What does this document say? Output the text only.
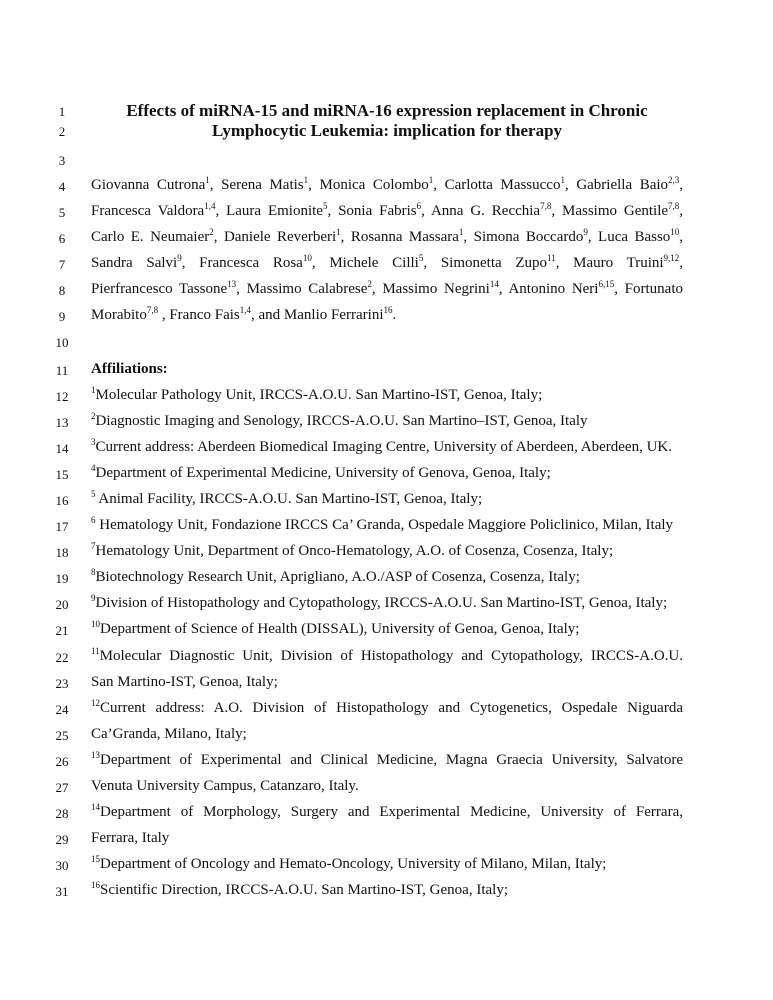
1
2
3
4
5
6
7
8
9
10
11
12
13
14
15
16
17
18
19
20
21
22
23
24
25
26
27
28
29
30
31
Effects of miRNA-15 and miRNA-16 expression replacement in Chronic
Lymphocytic Leukemia: implication for therapy
Giovanna Cutrona$^1$, Serena Matis$^1$, Monica Colombo$^1$, Carlotta Massucco$^1$, Gabriella Baio$^{2,3}$,
Francesca Valdora$^{1,4}$, Laura Emionite$^5$, Sonia Fabris$^6$, Anna G. Recchia$^{7,8}$, Massimo Gentile$^{7,8}$,
Carlo E. Neumaier$^2$, Daniele Reverberi$^1$, Rosanna Massara$^1$, Simona Boccardo$^9$, Luca Basso$^{10}$,
Sandra Salvi$^9$, Francesca Rosa$^{10}$, Michele Cilli$^5$, Simonetta Zupo$^{11}$, Mauro Truini$^{9,12}$,
Pierfrancesco Tassone$^{13}$, Massimo Calabrese$^2$, Massimo Negrini$^{14}$, Antonino Neri$^{6,15}$, Fortunato
Morabito$^{7,8}$ , Franco Fais$^{1,4}$, and Manlio Ferrarini$^{16}$.
Affiliations:
$^1$Molecular Pathology Unit, IRCCS-A.O.U. San Martino-IST, Genoa, Italy;
$^2$Diagnostic Imaging and Senology, IRCCS-A.O.U. San Martino–IST, Genoa, Italy
$^3$Current address: Aberdeen Biomedical Imaging Centre, University of Aberdeen, Aberdeen, UK.
$^4$Department of Experimental Medicine, University of Genova, Genoa, Italy;
$^5$ Animal Facility, IRCCS-A.O.U. San Martino-IST, Genoa, Italy;
$^6$ Hematology Unit, Fondazione IRCCS Ca’ Granda, Ospedale Maggiore Policlinico, Milan, Italy
$^7$Hematology Unit, Department of Onco-Hematology, A.O. of Cosenza, Cosenza, Italy;
$^8$Biotechnology Research Unit, Aprigliano, A.O./ASP of Cosenza, Cosenza, Italy;
$^9$Division of Histopathology and Cytopathology, IRCCS-A.O.U. San Martino-IST, Genoa, Italy;
$^{10}$Department of Science of Health (DISSAL), University of Genoa, Genoa, Italy;
$^{11}$Molecular Diagnostic Unit, Division of Histopathology and Cytopathology, IRCCS-A.O.U.
San Martino-IST, Genoa, Italy;
$^{12}$Current address: A.O. Division of Histopathology and Cytogenetics, Ospedale Niguarda
Ca’Granda, Milano, Italy;
$^{13}$Department of Experimental and Clinical Medicine, Magna Graecia University, Salvatore
Venuta University Campus, Catanzaro, Italy.
$^{14}$Department of Morphology, Surgery and Experimental Medicine, University of Ferrara,
Ferrara, Italy
$^{15}$Department of Oncology and Hemato-Oncology, University of Milano, Milan, Italy;
$^{16}$Scientific Direction, IRCCS-A.O.U. San Martino-IST, Genoa, Italy;
